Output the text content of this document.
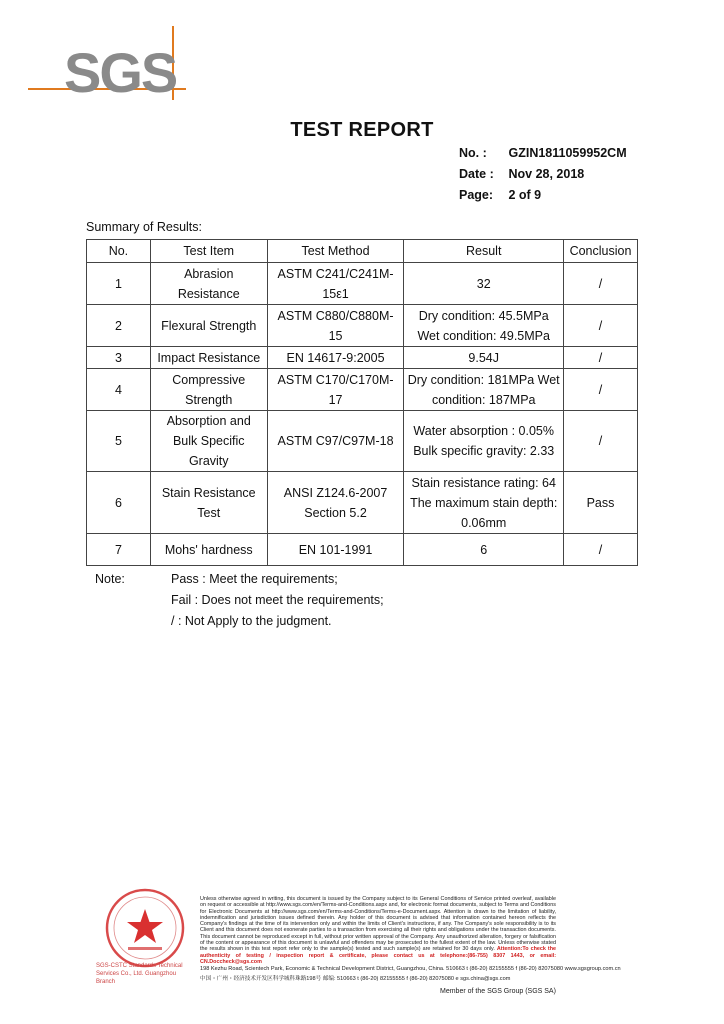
SGS
TEST REPORT
No. : GZIN1811059952CM
Date : Nov 28, 2018
Page: 2 of 9
Summary of Results:
No.	Test Item	Test Method	Result	Conclusion
1	Abrasion Resistance	ASTM C241/C241M-15ε1	32	/
2	Flexural Strength	ASTM C880/C880M-15	Dry condition: 45.5MPa Wet condition: 49.5MPa	/
3	Impact Resistance	EN 14617-9:2005	9.54J	/
4	Compressive Strength	ASTM C170/C170M-17	Dry condition: 181MPa Wet condition: 187MPa	/
5	Absorption and Bulk Specific Gravity	ASTM C97/C97M-18	Water absorption : 0.05% Bulk specific gravity: 2.33	/
6	Stain Resistance Test	ANSI Z124.6-2007 Section 5.2	Stain resistance rating: 64 The maximum stain depth: 0.06mm	Pass
7	Mohs' hardness	EN 101-1991	6	/
Note:	Pass : Meet the requirements;
Fail : Does not meet the requirements;
/ : Not Apply to the judgment.
SGS-CSTC Standards Technical Services Co., Ltd. Guangzhou Branch
Unless otherwise agreed in writing, this document is issued by the Company subject to its General Conditions of Service printed overleaf, available on request or accessible at http://www.sgs.com/en/Terms-and-Conditions.aspx and, for electronic format documents, subject to Terms and Conditions for Electronic Documents at http://www.sgs.com/en/Terms-and-Conditions/Terms-e-Document.aspx. Attention is drawn to the limitation of liability, indemnification and jurisdiction issues defined therein. Any holder of this document is advised that information contained hereon reflects the Company's findings at the time of its intervention only and within the limits of Client's instructions, if any. The Company's sole responsibility is to its Client and this document does not exonerate parties to a transaction from exercising all their rights and obligations under the transaction documents. This document cannot be reproduced except in full, without prior written approval of the Company. Any unauthorized alteration, forgery or falsification of the content or appearance of this document is unlawful and offenders may be prosecuted to the fullest extent of the law. Unless otherwise stated the results shown in this test report refer only to the sample(s) tested and such sample(s) are retained for 30 days only. Attention:To check the authenticity of testing / inspection report & certificate, please contact us at telephone:(86-755) 8307 1443, or email: CN.Doccheck@sgs.com
198 Kezhu Road, Scientech Park, Economic & Technical Development District, Guangzhou, China. 510663 t (86-20) 82155555 f (86-20) 82075080 www.sgsgroup.com.cn
中国・广州・经济技术开发区科学城科珠路198号 邮编: 510663 t (86-20) 82155555 f (86-20) 82075080 e sgs.china@sgs.com
Member of the SGS Group (SGS SA)
